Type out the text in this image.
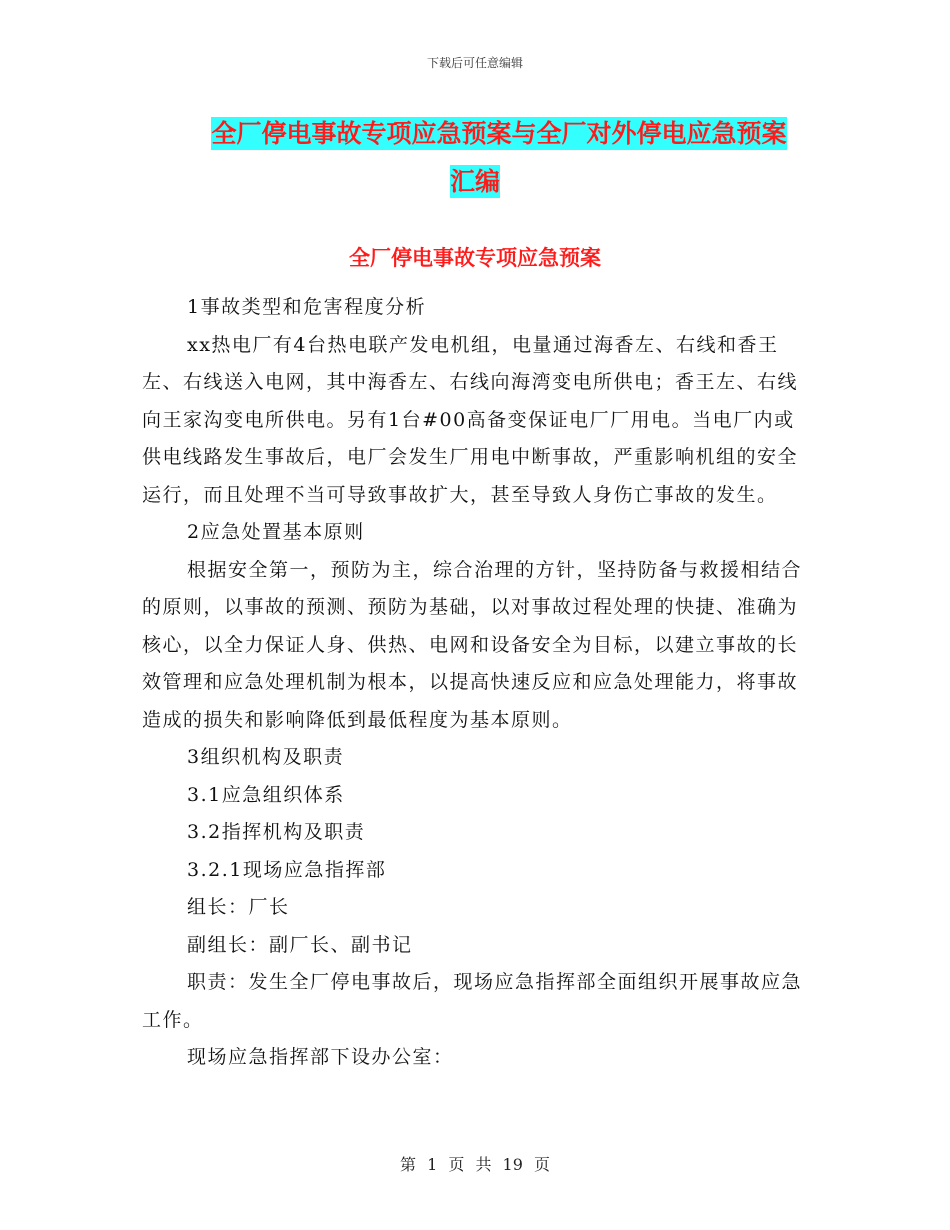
下载后可任意编辑
全厂停电事故专项应急预案与全厂对外停电应急预案
汇编
全厂停电事故专项应急预案

1事故类型和危害程度分析

xx热电厂有4台热电联产发电机组，电量通过海香左、右线和香王左、右线送入电网，其中海香左、右线向海湾变电所供电；香王左、右线向王家沟变电所供电。另有1台#00高备变保证电厂厂用电。当电厂内或供电线路发生事故后，电厂会发生厂用电中断事故，严重影响机组的安全运行，而且处理不当可导致事故扩大，甚至导致人身伤亡事故的发生。

2应急处置基本原则

根据安全第一，预防为主，综合治理的方针，坚持防备与救援相结合的原则，以事故的预测、预防为基础，以对事故过程处理的快捷、准确为核心，以全力保证人身、供热、电网和设备安全为目标，以建立事故的长效管理和应急处理机制为根本，以提高快速反应和应急处理能力，将事故造成的损失和影响降低到最低程度为基本原则。

3组织机构及职责

3.1应急组织体系

3.2指挥机构及职责

3.2.1现场应急指挥部

组长：厂长

副组长：副厂长、副书记

职责：发生全厂停电事故后，现场应急指挥部全面组织开展事故应急工作。

现场应急指挥部下设办公室：

第 1 页 共 19 页
